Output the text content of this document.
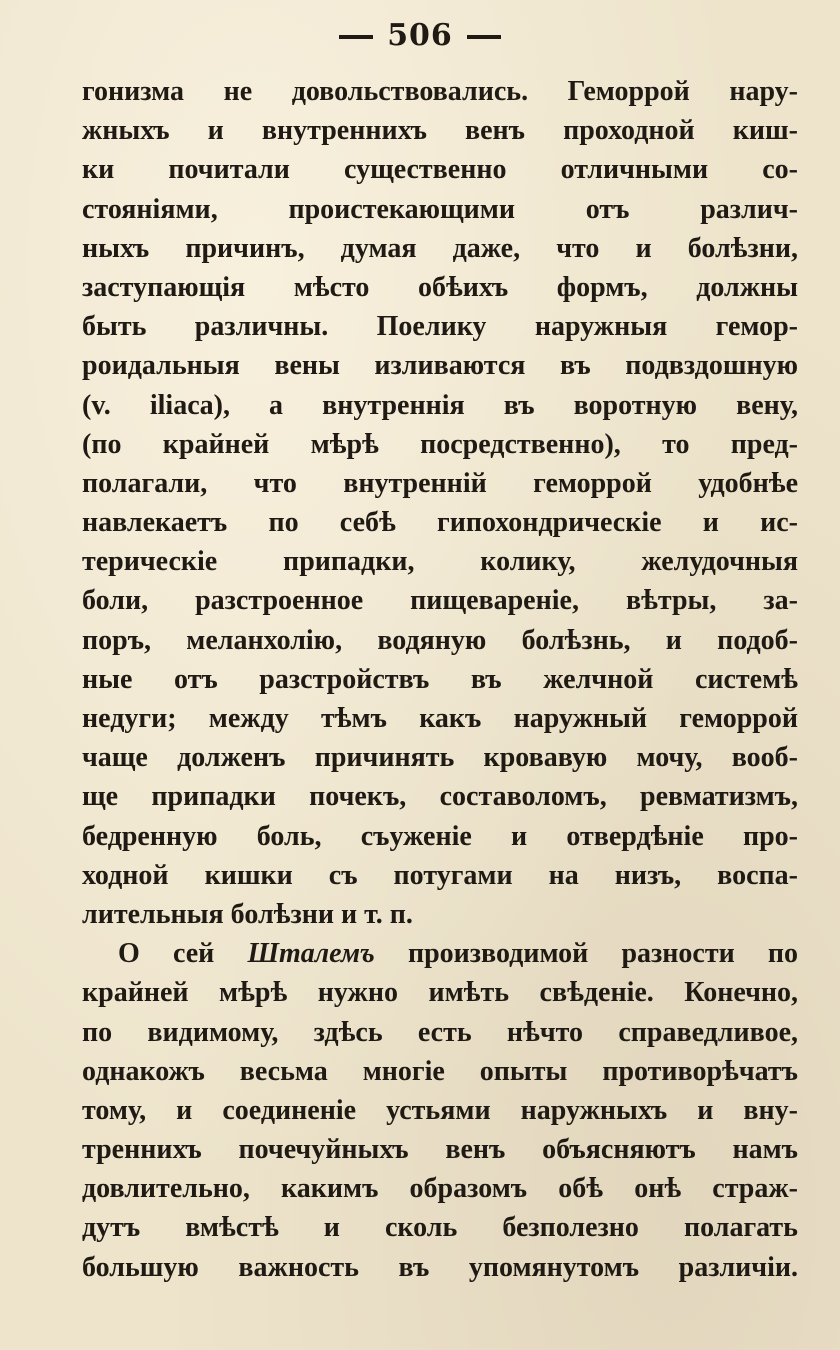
506
гонизма не довольствовались. Геморрой нару-
жныхъ и внутреннихъ венъ проходной киш-
ки почитали существенно отличными со-
стояніями, проистекающими отъ различ-
ныхъ причинъ, думая даже, что и болѣзни,
заступающія мѣсто обѣихъ формъ, должны
быть различны. Поелику наружныя гемор-
роидальныя вены изливаются въ подвздошную
(v. iliaca), а внутреннія въ воротную вену,
(по крайней мѣрѣ посредственно), то пред-
полагали, что внутренній геморрой удобнѣе
навлекаетъ по себѣ гипохондрическіе и ис-
терическіе припадки, колику, желудочныя
боли, разстроенное пищевареніе, вѣтры, за-
поръ, меланхолію, водяную болѣзнь, и подоб-
ные отъ разстройствъ въ желчной системѣ
недуги; между тѣмъ какъ наружный геморрой
чаще долженъ причинять кровавую мочу, вооб-
ще припадки почекъ, составоломъ, ревматизмъ,
бедренную боль, съуженіе и отвердѣніе про-
ходной кишки съ потугами на низъ, воспа-
лительныя болѣзни и т. п.
О сей Шталемъ производимой разности по
крайней мѣрѣ нужно имѣть свѣденіе. Конечно,
по видимому, здѣсь есть нѣчто справедливое,
однакожъ весьма многіе опыты противорѣчатъ
тому, и соединеніе устьями наружныхъ и вну-
треннихъ почечуйныхъ венъ объясняютъ намъ
довлительно, какимъ образомъ обѣ онѣ страж-
дутъ вмѣстѣ и сколь безполезно полагать
большую важность въ упомянутомъ различіи.
